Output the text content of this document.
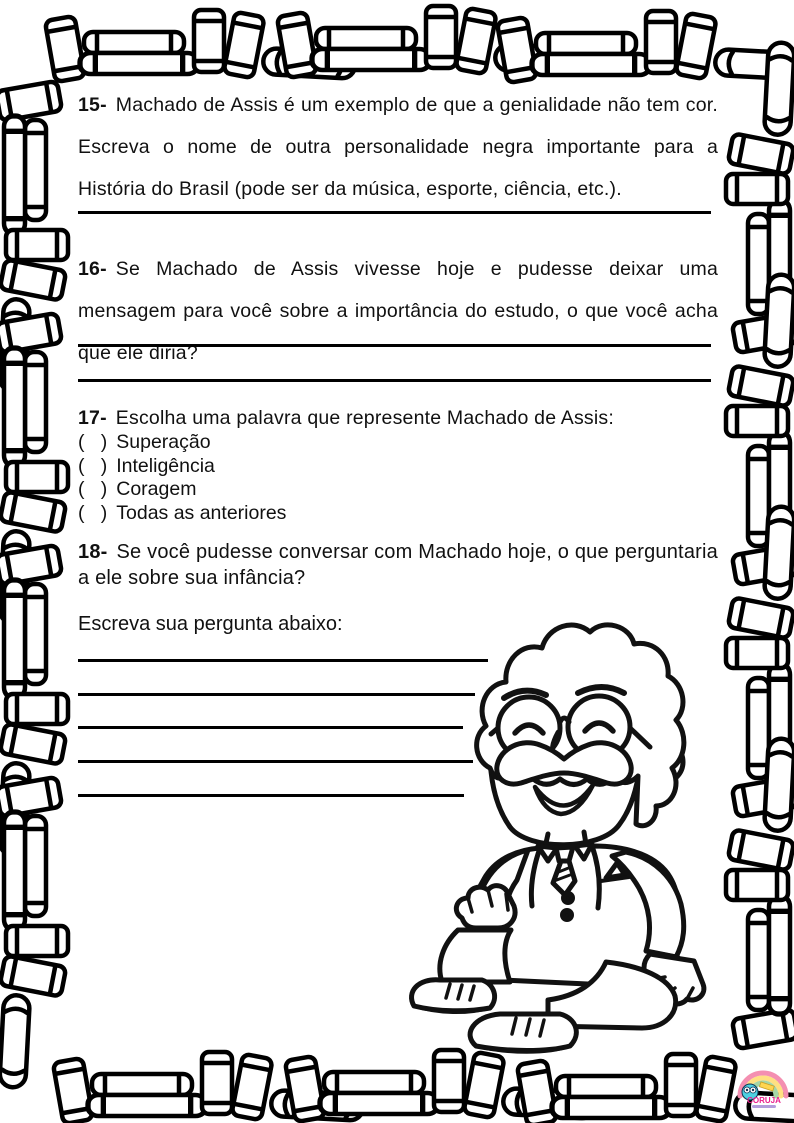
15- Machado de Assis é um exemplo de que a genialidade não tem cor. Escreva o nome de outra personalidade negra importante para a História do Brasil (pode ser da música, esporte, ciência, etc.).

16- Se Machado de Assis vivesse hoje e pudesse deixar uma mensagem para você sobre a importância do estudo, o que você acha que ele diria?

17- Escolha uma palavra que represente Machado de Assis:

(   ) Superação
(   ) Inteligência
(   ) Coragem
(   ) Todas as anteriores

18- Se você pudesse conversar com Machado hoje, o que perguntaria a ele sobre sua infância?

Escreva sua pergunta abaixo:

CORUJA
